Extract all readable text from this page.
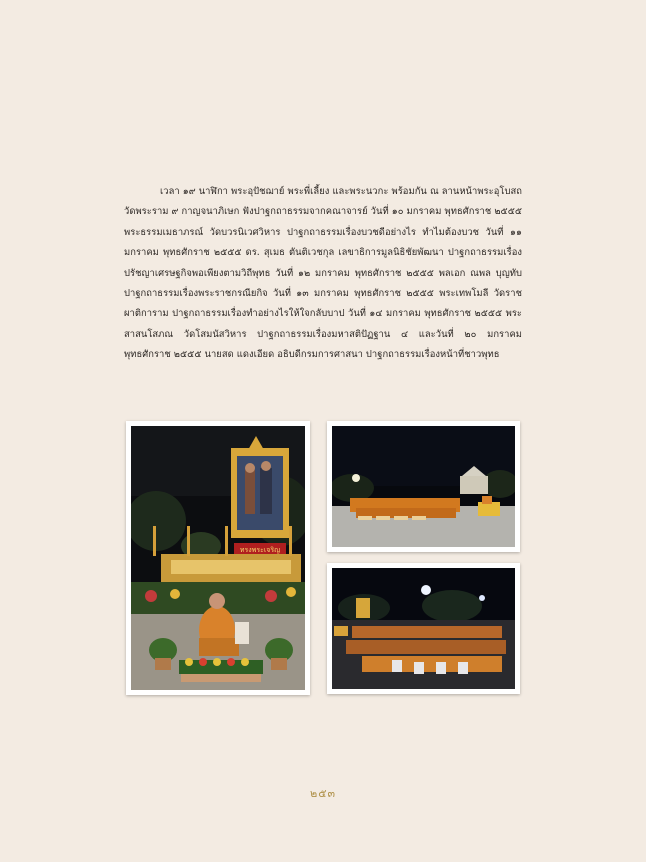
เวลา ๑๙ นาฬิกา พระอุปัชฌาย์ พระพี่เลี้ยง และพระนวกะ พร้อมกัน ณ ลานหน้าพระอุโบสถ วัดพระราม ๙ กาญจนาภิเษก ฟังปาฐกถาธรรมจากคณาจารย์ วันที่ ๑๐ มกราคม พุทธศักราช ๒๕๕๕ พระธรรมเมธาภรณ์ วัดบวรนิเวศวิหาร ปาฐกถาธรรมเรื่องบวชดีอย่างไร ทำไมต้องบวช วันที่ ๑๑ มกราคม พุทธศักราช ๒๕๕๕ ดร. สุเมธ ตันติเวชกุล เลขาธิการมูลนิธิชัยพัฒนา ปาฐกถาธรรมเรื่องปรัชญาเศรษฐกิจพอเพียงตามวิถีพุทธ วันที่ ๑๒ มกราคม พุทธศักราช ๒๕๕๕ พลเอก ณพล บุญทับ ปาฐกถาธรรมเรื่องพระราชกรณียกิจ วันที่ ๑๓ มกราคม พุทธศักราช ๒๕๕๕ พระเทพโมลี วัดราชผาติการาม ปาฐกถาธรรมเรื่องทำอย่างไรให้ใจกลับบาป วันที่ ๑๔ มกราคม พุทธศักราช ๒๕๕๕ พระสาสนโสภณ วัดโสมนัสวิหาร ปาฐกถาธรรมเรื่องมหาสติปัฏฐาน ๔ และวันที่ ๒๐ มกราคม พุทธศักราช ๒๕๕๕ นายสด แดงเอียด อธิบดีกรมการศาสนา ปาฐกถาธรรมเรื่องหน้าที่ชาวพุทธ

ทรงพระเจริญ
๒๕๓
